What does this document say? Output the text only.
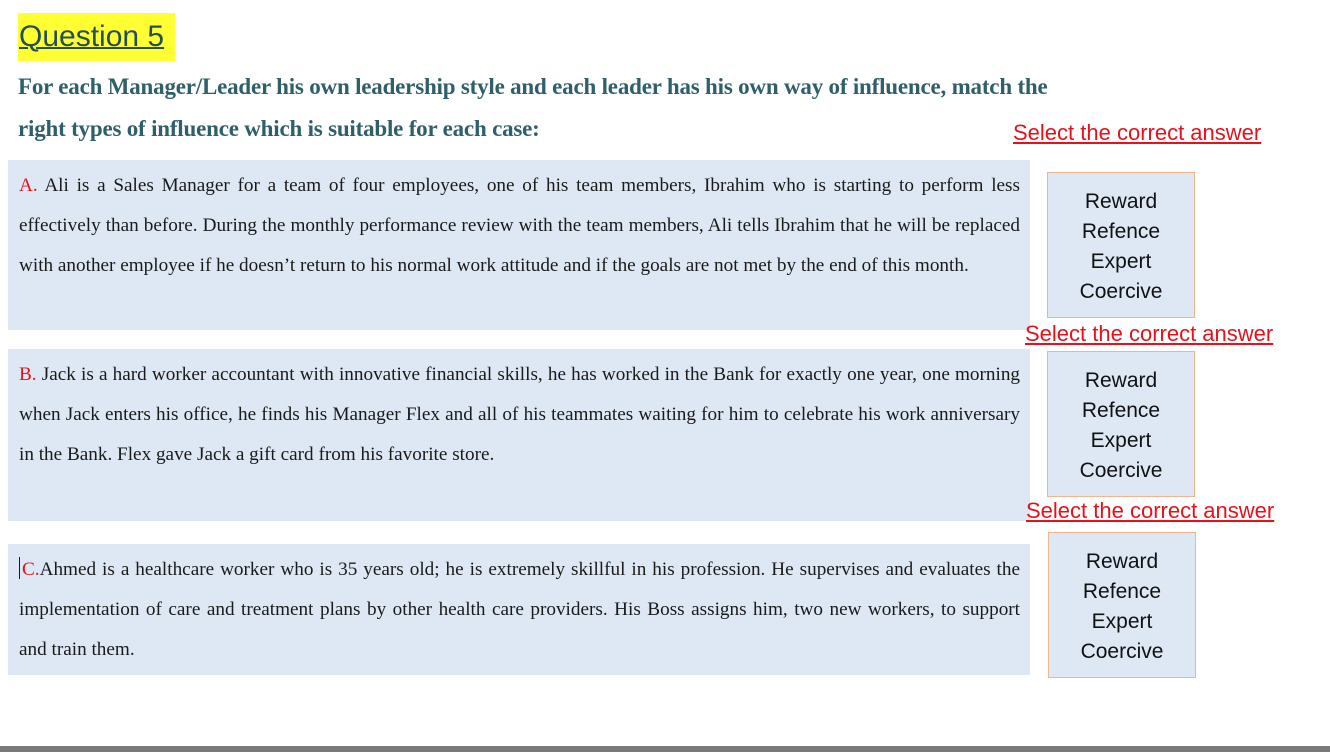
Question 5
For each Manager/Leader his own leadership style and each leader has his own way of influence, match the
right types of influence which is suitable for each case:	Select the correct answer
A. Ali is a Sales Manager for a team of four employees, one of his team members, Ibrahim who is starting to perform less effectively than before. During the monthly performance review with the team members, Ali tells Ibrahim that he will be replaced with another employee if he doesn’t return to his normal work attitude and if the goals are not met by the end of this month.
Reward
Refence
Expert
Coercive
Select the correct answer
B. Jack is a hard worker accountant with innovative financial skills, he has worked in the Bank for exactly one year, one morning when Jack enters his office, he finds his Manager Flex and all of his teammates waiting for him to celebrate his work anniversary in the Bank. Flex gave Jack a gift card from his favorite store.
Reward
Refence
Expert
Coercive
Select the correct answer
C.Ahmed is a healthcare worker who is 35 years old; he is extremely skillful in his profession. He supervises and evaluates the implementation of care and treatment plans by other health care providers. His Boss assigns him, two new workers, to support and train them.
Reward
Refence
Expert
Coercive
